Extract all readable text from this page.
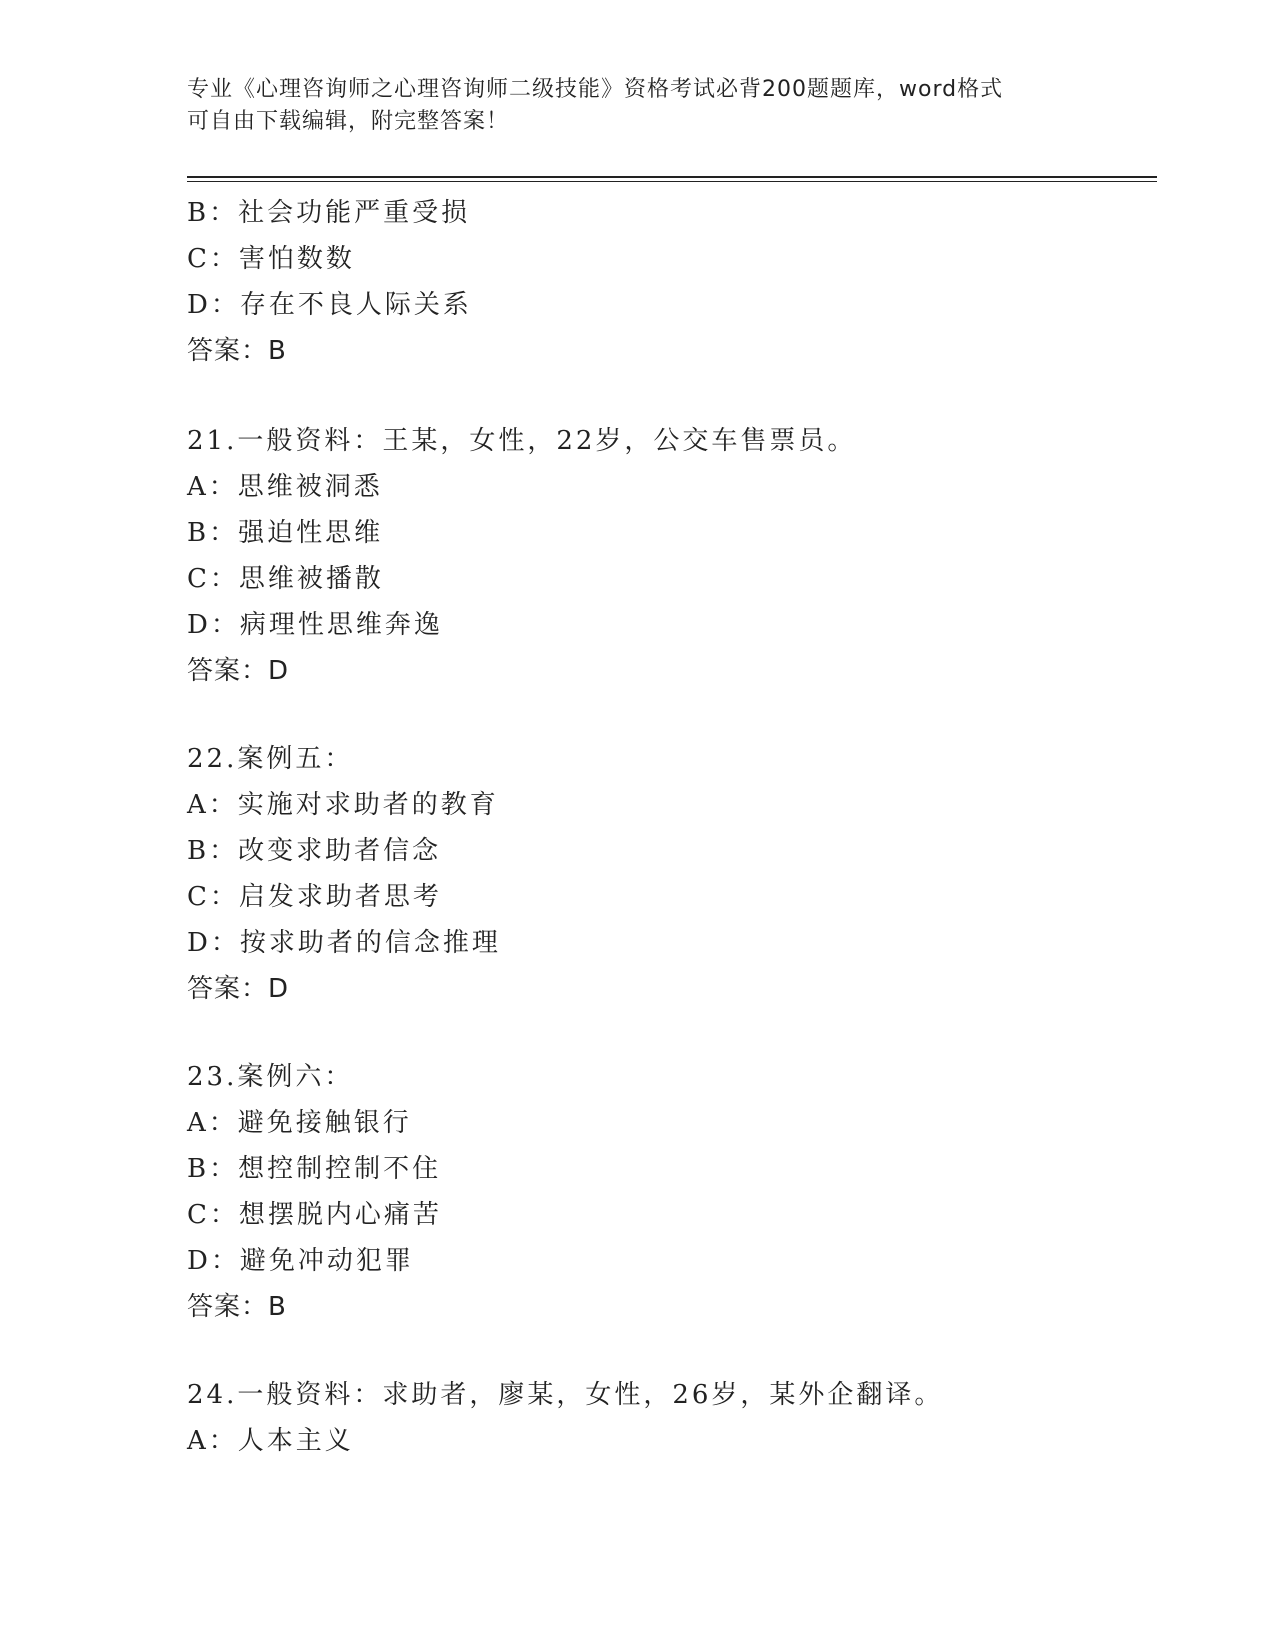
专业《心理咨询师之心理咨询师二级技能》资格考试必背200题题库，word格式
可自由下载编辑，附完整答案！
B：社会功能严重受损
C：害怕数数
D：存在不良人际关系
答案：B
21.一般资料：王某，女性，22岁，公交车售票员。
A：思维被洞悉
B：强迫性思维
C：思维被播散
D：病理性思维奔逸
答案：D
22.案例五：
A：实施对求助者的教育
B：改变求助者信念
C：启发求助者思考
D：按求助者的信念推理
答案：D
23.案例六：
A：避免接触银行
B：想控制控制不住
C：想摆脱内心痛苦
D：避免冲动犯罪
答案：B
24.一般资料：求助者，廖某，女性，26岁，某外企翻译。
A：人本主义
